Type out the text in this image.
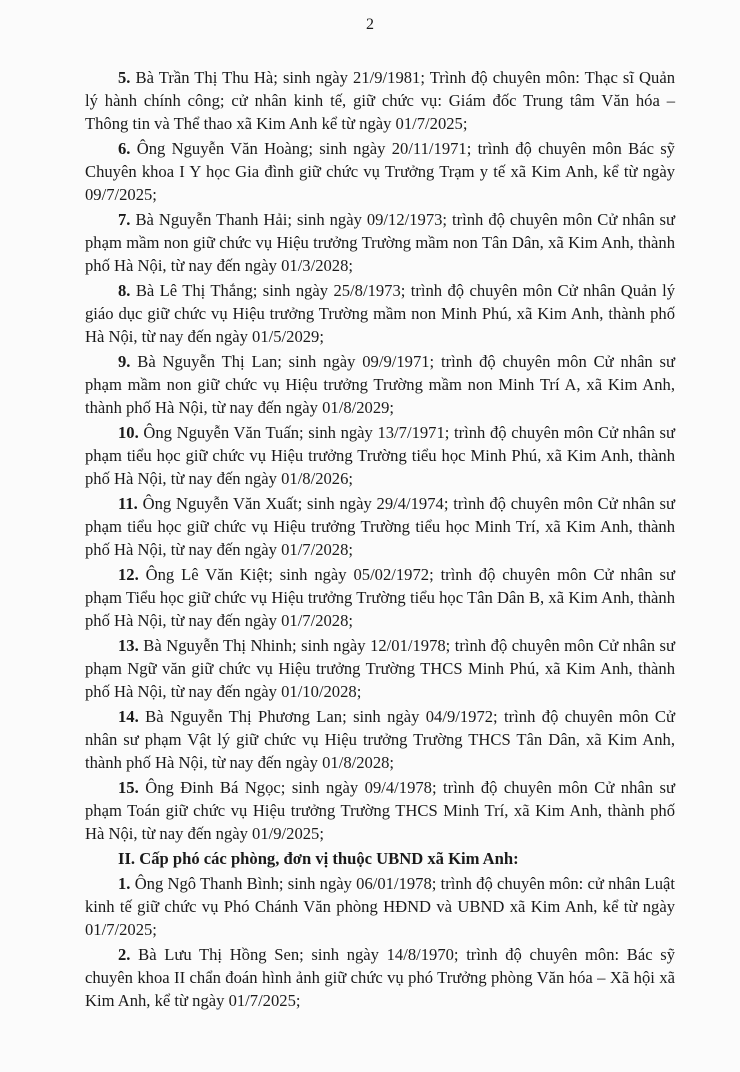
2

5. Bà Trần Thị Thu Hà; sinh ngày 21/9/1981; Trình độ chuyên môn: Thạc sĩ Quản lý hành chính công; cử nhân kinh tế, giữ chức vụ: Giám đốc Trung tâm Văn hóa – Thông tin và Thể thao xã Kim Anh kể từ ngày 01/7/2025;

6. Ông Nguyễn Văn Hoàng; sinh ngày 20/11/1971; trình độ chuyên môn Bác sỹ Chuyên khoa I Y học Gia đình giữ chức vụ Trưởng Trạm y tế xã Kim Anh, kể từ ngày 09/7/2025;

7. Bà Nguyễn Thanh Hải; sinh ngày 09/12/1973; trình độ chuyên môn Cử nhân sư phạm mầm non giữ chức vụ Hiệu trưởng Trường mầm non Tân Dân, xã Kim Anh, thành phố Hà Nội, từ nay đến ngày 01/3/2028;

8. Bà Lê Thị Thắng; sinh ngày 25/8/1973; trình độ chuyên môn Cử nhân Quản lý giáo dục giữ chức vụ Hiệu trưởng Trường mầm non Minh Phú, xã Kim Anh, thành phố Hà Nội, từ nay đến ngày 01/5/2029;

9. Bà Nguyễn Thị Lan; sinh ngày 09/9/1971; trình độ chuyên môn Cử nhân sư phạm mầm non giữ chức vụ Hiệu trưởng Trường mầm non Minh Trí A, xã Kim Anh, thành phố Hà Nội, từ nay đến ngày 01/8/2029;

10. Ông Nguyễn Văn Tuấn; sinh ngày 13/7/1971; trình độ chuyên môn Cử nhân sư phạm tiểu học giữ chức vụ Hiệu trưởng Trường tiểu học Minh Phú, xã Kim Anh, thành phố Hà Nội, từ nay đến ngày 01/8/2026;

11. Ông Nguyễn Văn Xuất; sinh ngày 29/4/1974; trình độ chuyên môn Cử nhân sư phạm tiểu học giữ chức vụ Hiệu trưởng Trường tiểu học Minh Trí, xã Kim Anh, thành phố Hà Nội, từ nay đến ngày 01/7/2028;

12. Ông Lê Văn Kiệt; sinh ngày 05/02/1972; trình độ chuyên môn Cử nhân sư phạm Tiểu học giữ chức vụ Hiệu trưởng Trường tiểu học Tân Dân B, xã Kim Anh, thành phố Hà Nội, từ nay đến ngày 01/7/2028;

13. Bà Nguyễn Thị Nhinh; sinh ngày 12/01/1978; trình độ chuyên môn Cử nhân sư phạm Ngữ văn giữ chức vụ Hiệu trưởng Trường THCS Minh Phú, xã Kim Anh, thành phố Hà Nội, từ nay đến ngày 01/10/2028;

14. Bà Nguyễn Thị Phương Lan; sinh ngày 04/9/1972; trình độ chuyên môn Cử nhân sư phạm Vật lý giữ chức vụ Hiệu trưởng Trường THCS Tân Dân, xã Kim Anh, thành phố Hà Nội, từ nay đến ngày 01/8/2028;

15. Ông Đinh Bá Ngọc; sinh ngày 09/4/1978; trình độ chuyên môn Cử nhân sư phạm Toán giữ chức vụ Hiệu trưởng Trường THCS Minh Trí, xã Kim Anh, thành phố Hà Nội, từ nay đến ngày 01/9/2025;

II. Cấp phó các phòng, đơn vị thuộc UBND xã Kim Anh:

1. Ông Ngô Thanh Bình; sinh ngày 06/01/1978; trình độ chuyên môn: cử nhân Luật kinh tế giữ chức vụ Phó Chánh Văn phòng HĐND và UBND xã Kim Anh, kể từ ngày 01/7/2025;

2. Bà Lưu Thị Hồng Sen; sinh ngày 14/8/1970; trình độ chuyên môn: Bác sỹ chuyên khoa II chẩn đoán hình ảnh giữ chức vụ phó Trưởng phòng Văn hóa – Xã hội xã Kim Anh, kể từ ngày 01/7/2025;
